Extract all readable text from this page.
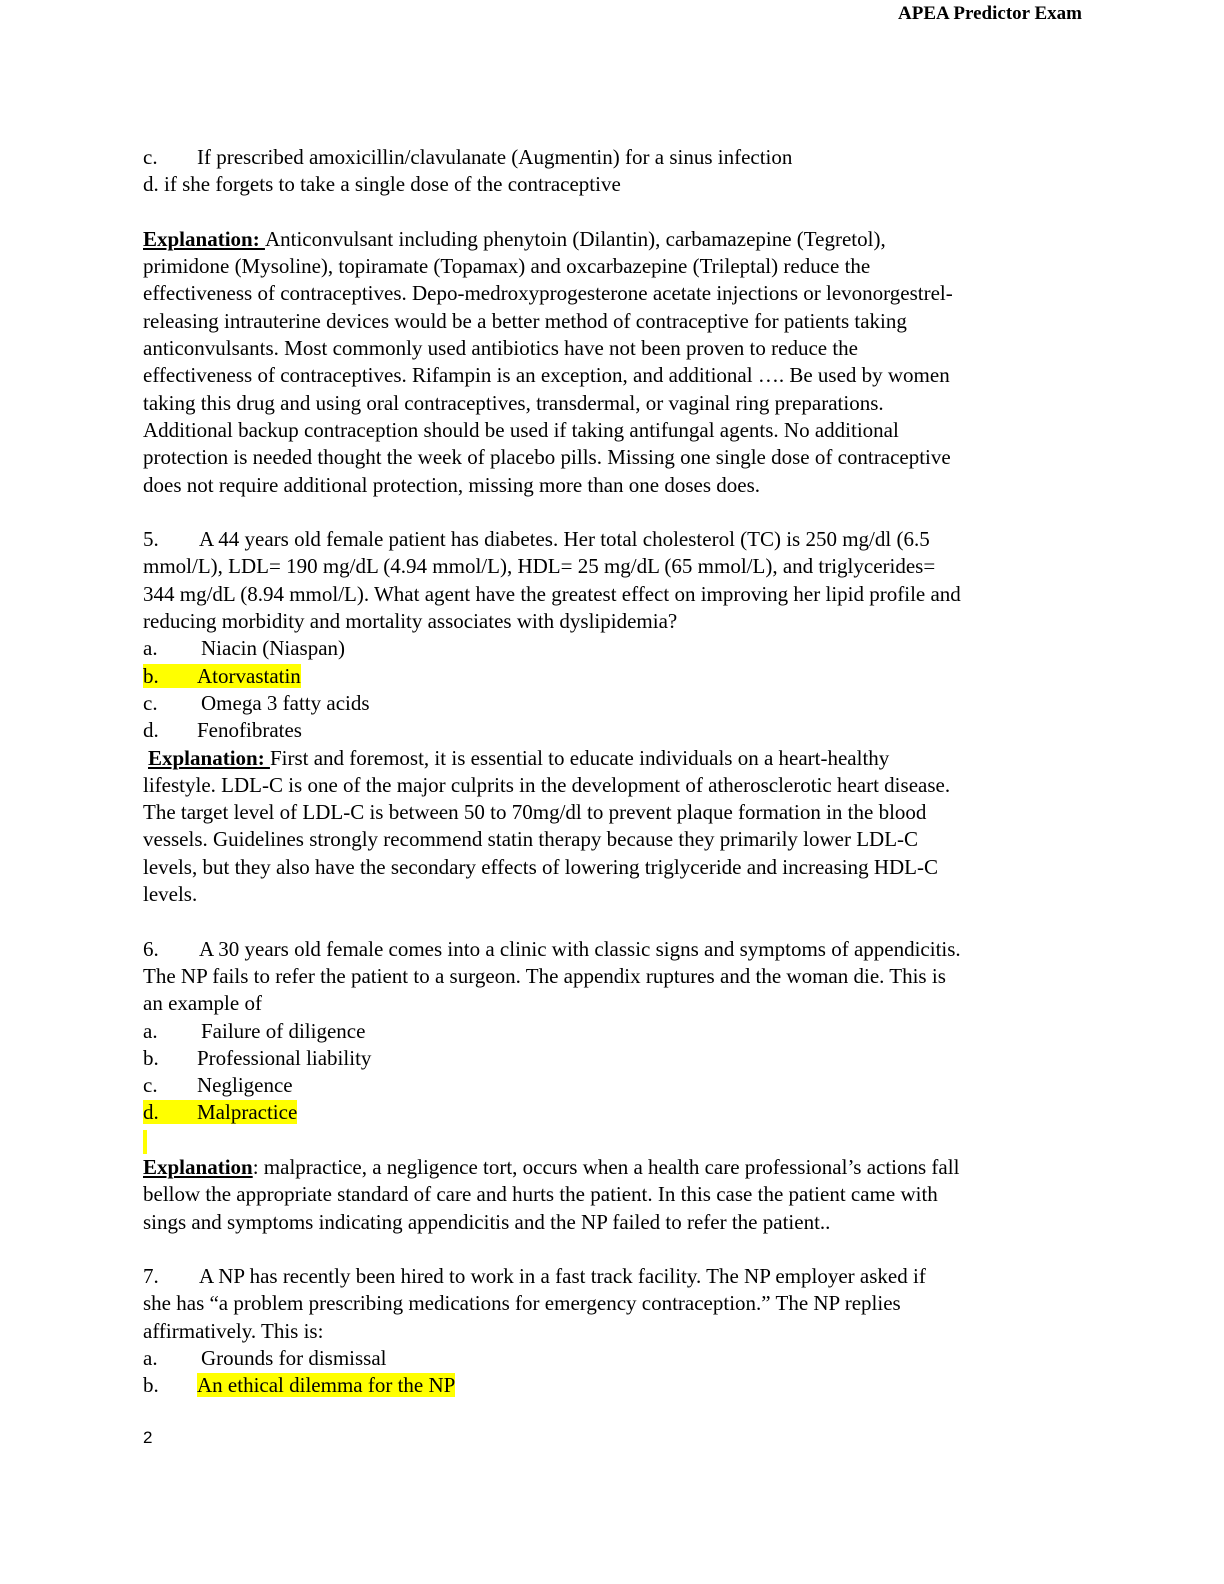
APEA Predictor Exam
c. If prescribed amoxicillin/clavulanate (Augmentin) for a sinus infection
d. if she forgets to take a single dose of the contraceptive
Explanation: Anticonvulsant including phenytoin (Dilantin), carbamazepine (Tegretol),
primidone (Mysoline), topiramate (Topamax) and oxcarbazepine (Trileptal) reduce the
effectiveness of contraceptives. Depo-medroxyprogesterone acetate injections or levonorgestrel-
releasing intrauterine devices would be a better method of contraceptive for patients taking
anticonvulsants. Most commonly used antibiotics have not been proven to reduce the
effectiveness of contraceptives. Rifampin is an exception, and additional …. Be used by women
taking this drug and using oral contraceptives, transdermal, or vaginal ring preparations.
Additional backup contraception should be used if taking antifungal agents. No additional
protection is needed thought the week of placebo pills. Missing one single dose of contraceptive
does not require additional protection, missing more than one doses does.
5. A 44 years old female patient has diabetes. Her total cholesterol (TC) is 250 mg/dl (6.5
mmol/L), LDL= 190 mg/dL (4.94 mmol/L), HDL= 25 mg/dL (65 mmol/L), and triglycerides=
344 mg/dL (8.94 mmol/L). What agent have the greatest effect on improving her lipid profile and
reducing morbidity and mortality associates with dyslipidemia?
a. Niacin (Niaspan)
b. Atorvastatin
c. Omega 3 fatty acids
d. Fenofibrates
Explanation: First and foremost, it is essential to educate individuals on a heart-healthy
lifestyle. LDL-C is one of the major culprits in the development of atherosclerotic heart disease.
The target level of LDL-C is between 50 to 70mg/dl to prevent plaque formation in the blood
vessels. Guidelines strongly recommend statin therapy because they primarily lower LDL-C
levels, but they also have the secondary effects of lowering triglyceride and increasing HDL-C
levels.
6. A 30 years old female comes into a clinic with classic signs and symptoms of appendicitis.
The NP fails to refer the patient to a surgeon. The appendix ruptures and the woman die. This is
an example of
a. Failure of diligence
b. Professional liability
c. Negligence
d. Malpractice
Explanation: malpractice, a negligence tort, occurs when a health care professional’s actions fall
bellow the appropriate standard of care and hurts the patient. In this case the patient came with
sings and symptoms indicating appendicitis and the NP failed to refer the patient..
7. A NP has recently been hired to work in a fast track facility. The NP employer asked if
she has “a problem prescribing medications for emergency contraception.” The NP replies
affirmatively. This is:
a. Grounds for dismissal
b. An ethical dilemma for the NP
2
